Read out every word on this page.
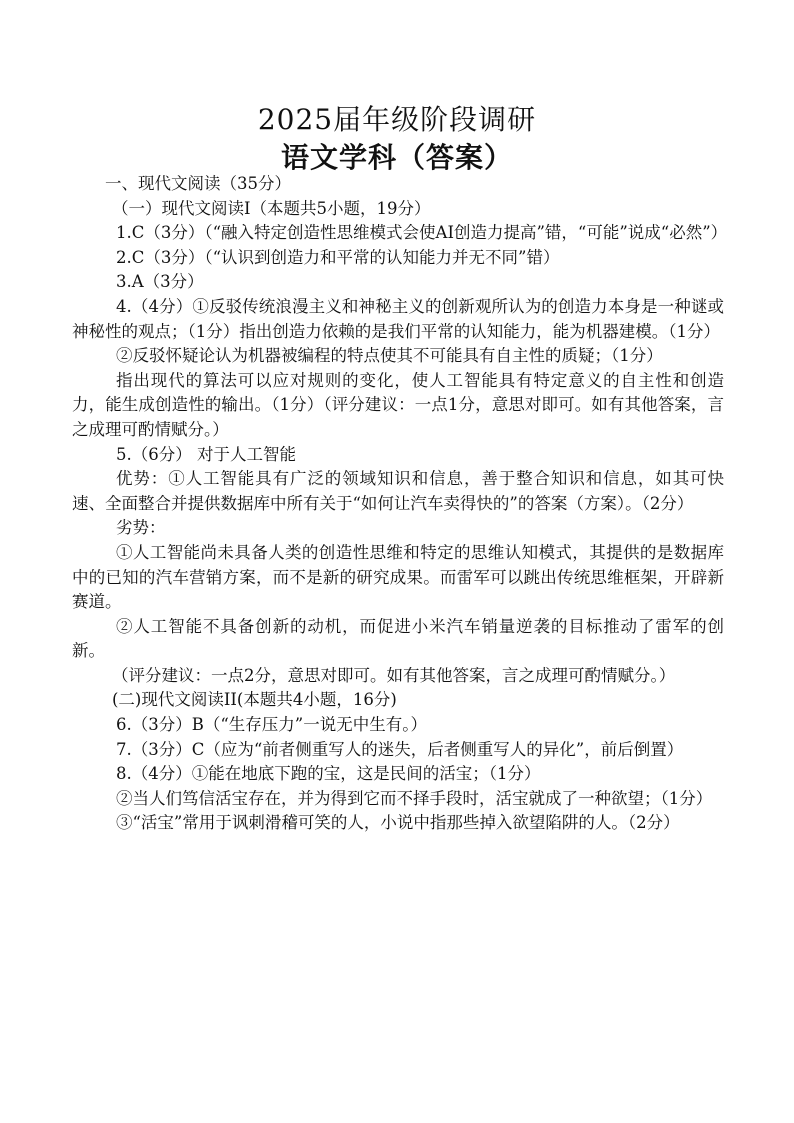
2025届年级阶段调研
语文学科（答案）

一、现代文阅读（35分）

（一）现代文阅读I（本题共5小题，19分）

1.C（3分）（“融入特定创造性思维模式会使AI创造力提高”错，“可能”说成“必然”）

2.C（3分）（“认识到创造力和平常的认知能力并无不同”错）

3.A（3分）

4.（4分）①反驳传统浪漫主义和神秘主义的创新观所认为的创造力本身是一种谜或神秘性的观点；（1分）指出创造力依赖的是我们平常的认知能力，能为机器建模。（1分）

②反驳怀疑论认为机器被编程的特点使其不可能具有自主性的质疑；（1分）

指出现代的算法可以应对规则的变化，使人工智能具有特定意义的自主性和创造力，能生成创造性的输出。（1分）（评分建议：一点1分，意思对即可。如有其他答案，言之成理可酌情赋分。）

5.（6分） 对于人工智能

优势：①人工智能具有广泛的领域知识和信息，善于整合知识和信息，如其可快速、全面整合并提供数据库中所有关于“如何让汽车卖得快的”的答案（方案）。（2分）

劣势：

①人工智能尚未具备人类的创造性思维和特定的思维认知模式，其提供的是数据库中的已知的汽车营销方案，而不是新的研究成果。而雷军可以跳出传统思维框架，开辟新赛道。

②人工智能不具备创新的动机，而促进小米汽车销量逆袭的目标推动了雷军的创新。

（评分建议：一点2分，意思对即可。如有其他答案，言之成理可酌情赋分。）

(二)现代文阅读II(本题共4小题，16分)

6.（3分）B（“生存压力”一说无中生有。）

7.（3分）C（应为“前者侧重写人的迷失，后者侧重写人的异化”，前后倒置）

8.（4分）①能在地底下跑的宝，这是民间的活宝；（1分）

②当人们笃信活宝存在，并为得到它而不择手段时，活宝就成了一种欲望；（1分）

③“活宝”常用于讽刺滑稽可笑的人，小说中指那些掉入欲望陷阱的人。（2分）
